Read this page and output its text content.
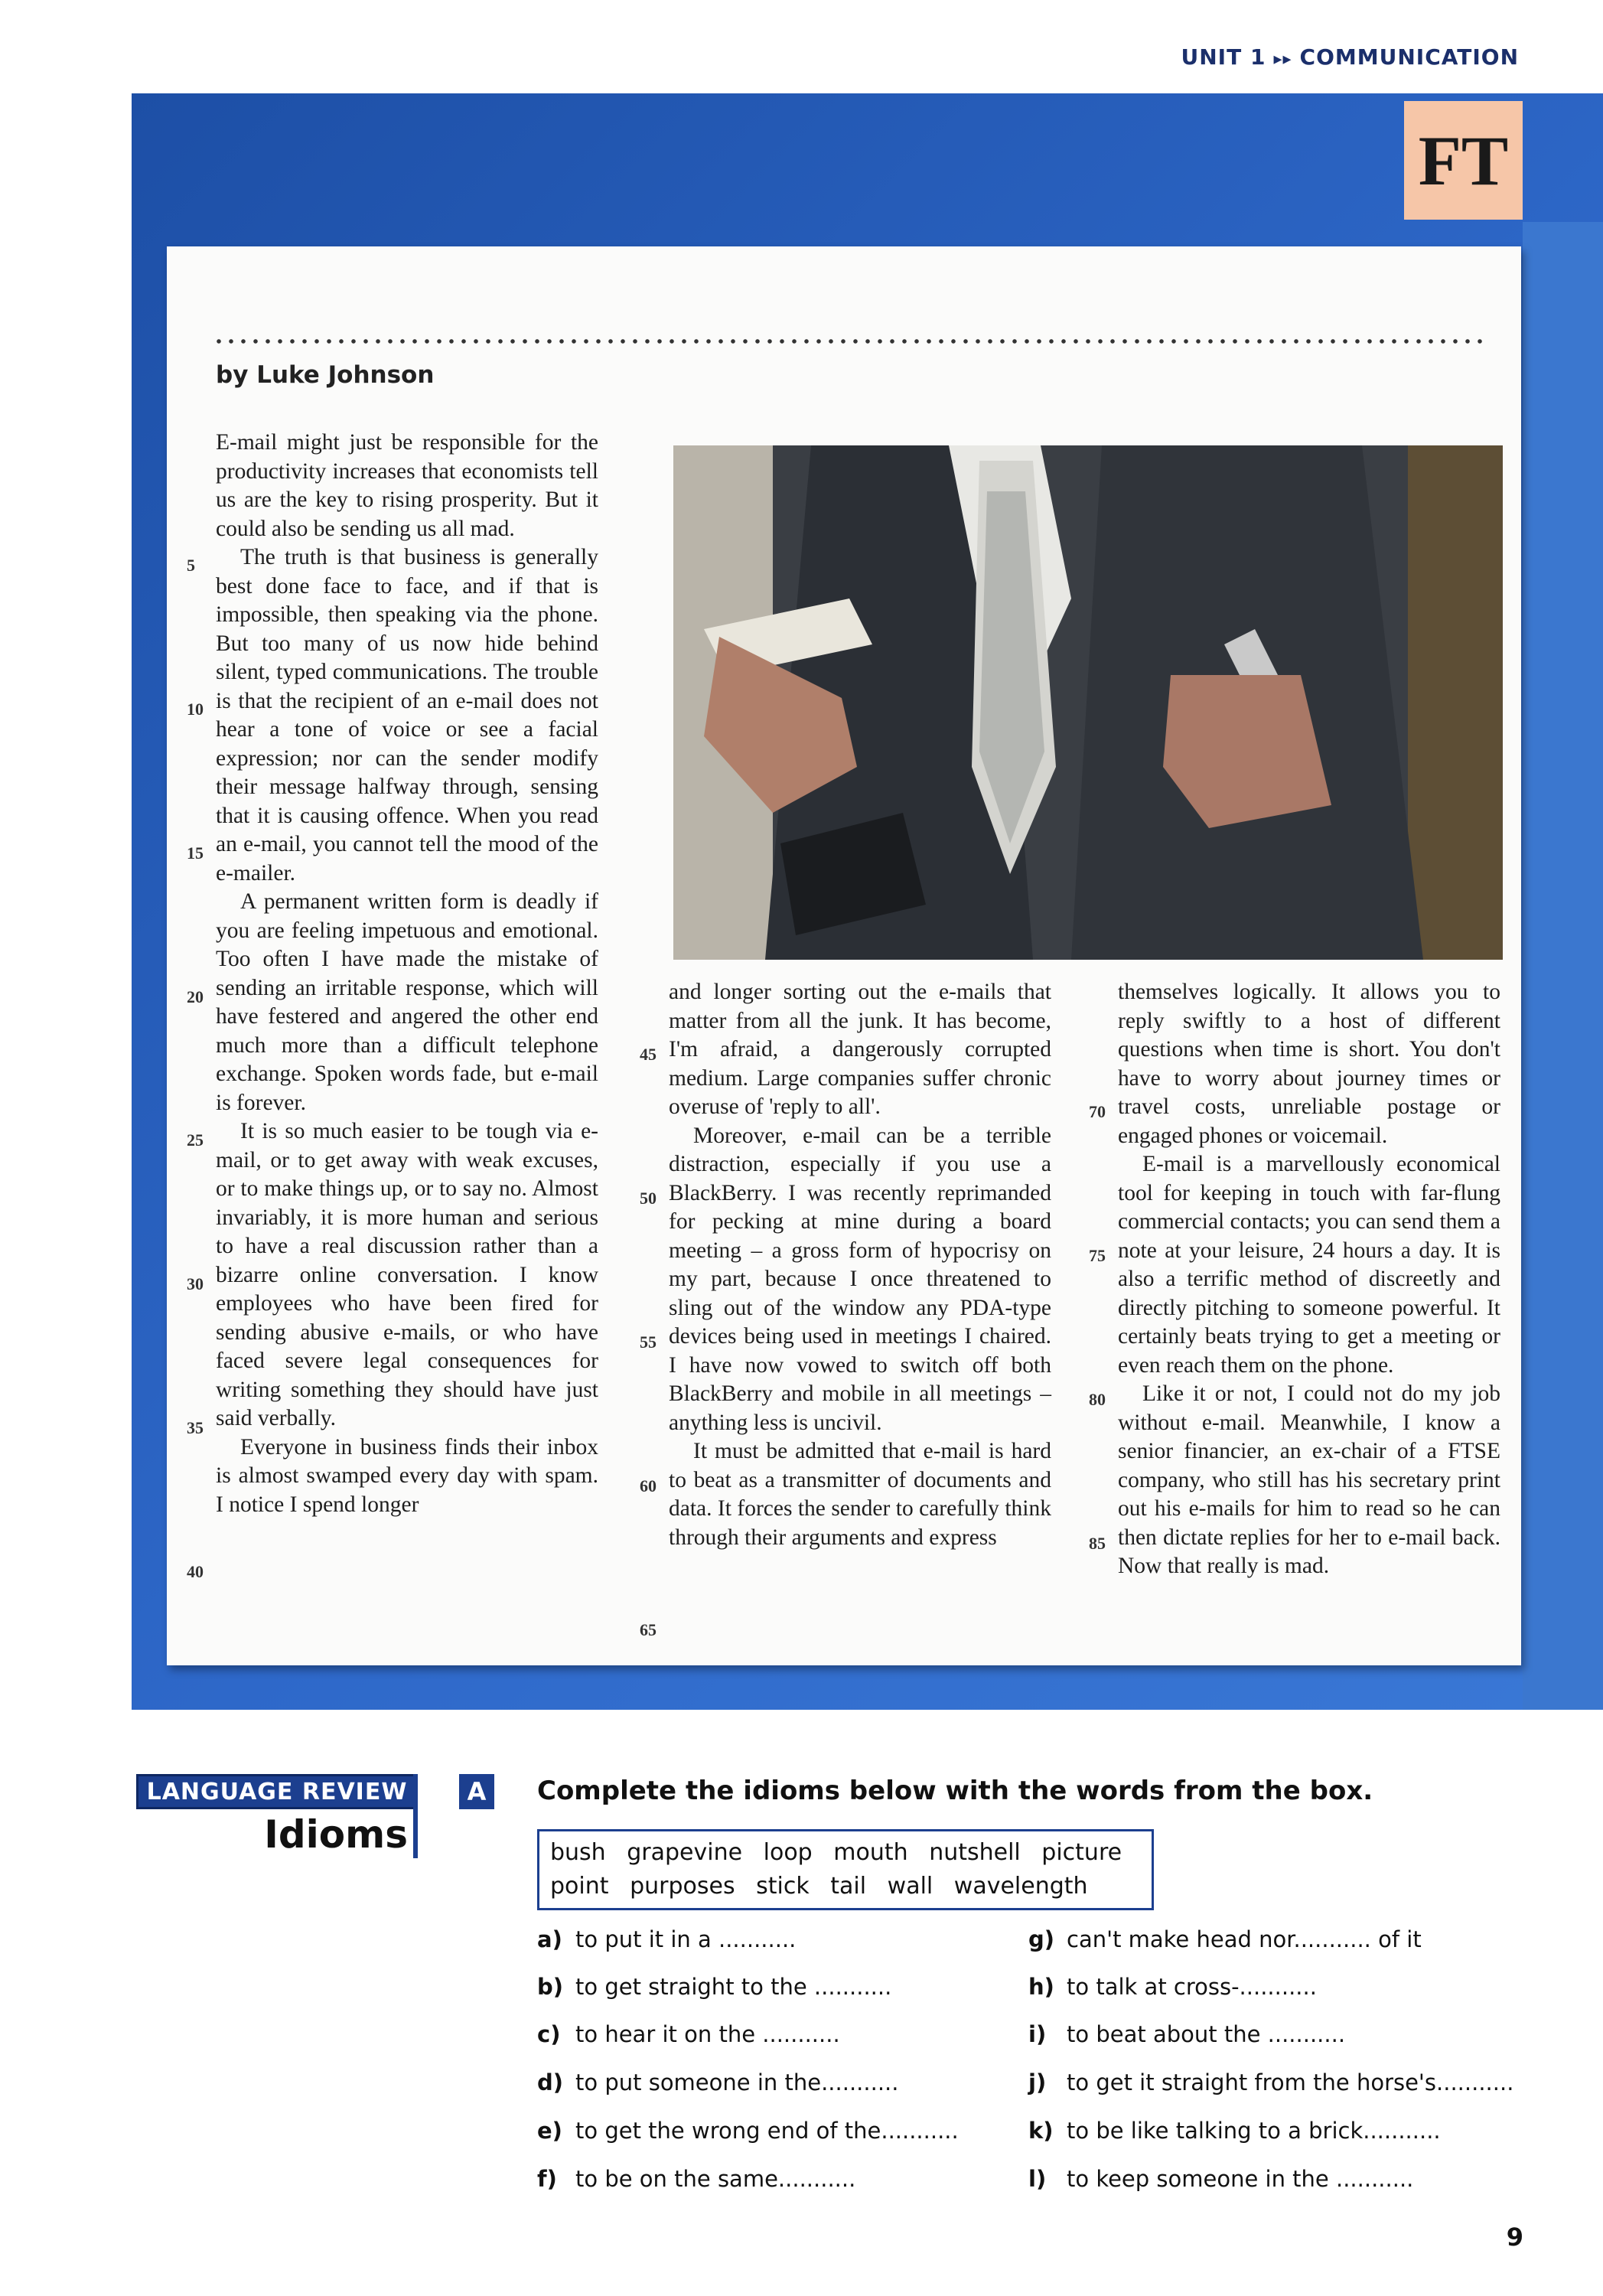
UNIT 1 ▸▸ COMMUNICATION
FT
by Luke Johnson

E-mail might just be responsible for the productivity increases that economists tell us are the key to rising prosperity. But it could also be sending us all mad.

The truth is that business is generally best done face to face, and if that is impossible, then speaking via the phone. But too many of us now hide behind silent, typed communications. The trouble is that the recipient of an e-mail does not hear a tone of voice or see a facial expression; nor can the sender modify their message halfway through, sensing that it is causing offence. When you read an e-mail, you cannot tell the mood of the e-mailer.

A permanent written form is deadly if you are feeling impetuous and emotional. Too often I have made the mistake of sending an irritable response, which will have festered and angered the other end much more than a difficult telephone exchange. Spoken words fade, but e-mail is forever.

It is so much easier to be tough via e-mail, or to get away with weak excuses, or to make things up, or to say no. Almost invariably, it is more human and serious to have a real discussion rather than a bizarre online conversation. I know employees who have been fired for sending abusive e-mails, or who have faced severe legal consequences for writing something they should have just said verbally.

Everyone in business finds their inbox is almost swamped every day with spam. I notice I spend longer

and longer sorting out the e-mails that matter from all the junk. It has become, I'm afraid, a dangerously corrupted medium. Large companies suffer chronic overuse of 'reply to all'.

Moreover, e-mail can be a terrible distraction, especially if you use a BlackBerry. I was recently reprimanded for pecking at mine during a board meeting – a gross form of hypocrisy on my part, because I once threatened to sling out of the window any PDA-type devices being used in meetings I chaired. I have now vowed to switch off both BlackBerry and mobile in all meetings – anything less is uncivil.

It must be admitted that e-mail is hard to beat as a transmitter of documents and data. It forces the sender to carefully think through their arguments and express

themselves logically. It allows you to reply swiftly to a host of different questions when time is short. You don't have to worry about journey times or travel costs, unreliable postage or engaged phones or voicemail.

E-mail is a marvellously economical tool for keeping in touch with far-flung commercial contacts; you can send them a note at your leisure, 24 hours a day. It is also a terrific method of discreetly and directly pitching to someone powerful. It certainly beats trying to get a meeting or even reach them on the phone.

Like it or not, I could not do my job without e-mail. Meanwhile, I know a senior financier, an ex-chair of a FTSE company, who still has his secretary print out his e-mails for him to read so he can then dictate replies for her to e-mail back. Now that really is mad.

5
10
15
20
25
30
35
40
45
50
55
60
65
70
75
80
85
LANGUAGE REVIEW
Idioms
A	Complete the idioms below with the words from the box.
bush grapevine loop mouth nutshell picture
point purposes stick tail wall wavelength
a) to put it in a ...........
b) to get straight to the ...........
c) to hear it on the ...........
d) to put someone in the...........
e) to get the wrong end of the...........
f) to be on the same...........
g) can't make head nor........... of it
h) to talk at cross-...........
i) to beat about the ...........
j) to get it straight from the horse's...........
k) to be like talking to a brick...........
l) to keep someone in the ...........
9
